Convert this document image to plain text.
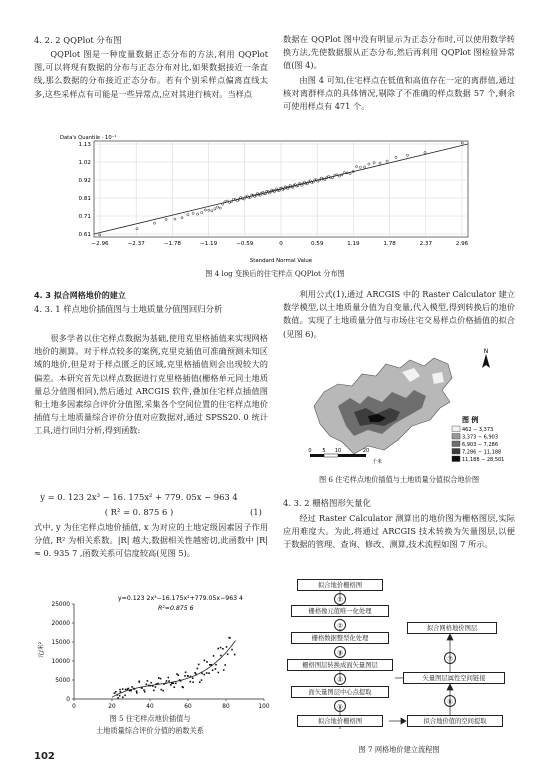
4. 2. 2 QQPlot 分布图
QQPlot 图是一种度量数据正态分布的方法,利用 QQPlot 图,可以将现有数据的分布与正态分布对比,如果数据接近一条直线,那么数据的分布接近正态分布。若有个别采样点偏离直线太多,这些采样点有可能是一些异常点,应对其进行核对。当样点
数据在 QQPlot 图中没有明显示为正态分布时,可以使用数学转换方法,先使数据服从正态分布,然后再利用 QQPlot 图检验异常值(图 4)。
由图 4 可知,住宅样点在低值和高值存在一定的离群值,通过核对离群样点的具体情况,剔除了不准确的样点数据 57 个,剩余可使用样点有 471 个。
Data's Quantile · 10⁻¹
1.13
1.02
0.92
0.81
0.71
0.61
−2.96	−2.37	−1.78	−1.19	−0.59	0	0.59	1.19	1.78	2.37	2.96
Standard Normal Value
图 4 log 变换后的住宅样点 QQPlot 分布图
4. 3 拟合网格地价的建立
4. 3. 1 样点地价插值图与土地质量分值图回归分析
很多学者以住宅样点数据为基础,使用克里格插值来实现网格地价的测算。对于样点较多的案例,克里克插值可准确预测未知区域的地价,但是对于样点匮乏的区域,克里格插值则会出现较大的偏差。本研究首先以样点数据进行克里格插值(栅格单元同土地质量总分值图相同),然后通过 ARCGIS 软件,叠加住宅样点插值图和土地多因素综合评价分值图,采集各个空间位置的住宅样点地价插值与土地质量综合评价分值对应数据对,通过 SPSS20. 0 统计工具,进行回归分析,得到函数:
y = 0. 123 2x³ − 16. 175x² + 779. 05x − 963 4
(1)
( R² = 0. 875 6 )
式中, y 为住宅样点地价插值, x 为对应的土地定级因素因子作用分值, R² 为相关系数。|R| 越大,数据相关性越密切,此函数中 |R| ≈ 0. 935 7 ,函数关系可信度较高(见图 5)。
利用公式(1),通过 ARCGIS 中的 Raster Calculator 建立数学模型,以土地质量分值为自变量,代入模型,得到转换后的地价数值。实现了土地质量分值与市场住宅交易样点价格插值的拟合(见图 6)。
y=0.123 2x³−16.175x²+779.05x−963 4
R²=0.875 6
元/米²
25000
20000
15000
10000
5000
0
0	20	40	60	80	100
图 5 住宅样点地价插值与
土地质量综合评价分值的函数关系
N
0 5 10	20
千米
图 例
462 − 3,373
3,373 − 6,903
6,903 − 7,286
7,286 − 11,188
11,188 − 28,501
图 6 住宅样点地价插值与土地质量分值拟合地价图
4. 3. 2 栅格图形矢量化
经过 Raster Calculator 测算出的地价图为栅格图层,实际应用难度大。为此,将通过 ARCGIS 技术转换为矢量图层,以便于数据的管理、查询、修改、测算,技术流程如图 7 所示。
拟合地价栅格图
①
栅格像元值唯一化处理
②
栅格数据整型化处理
③
栅格图层转换成面矢量图层
④
面矢量图层中心点提取
⑤
拟合地价栅格图
拟合网格地价图层
⑦
矢量图层属性空间链接
⑥
拟合地价值的空间提取
图 7 网格地价建立流程图
102
